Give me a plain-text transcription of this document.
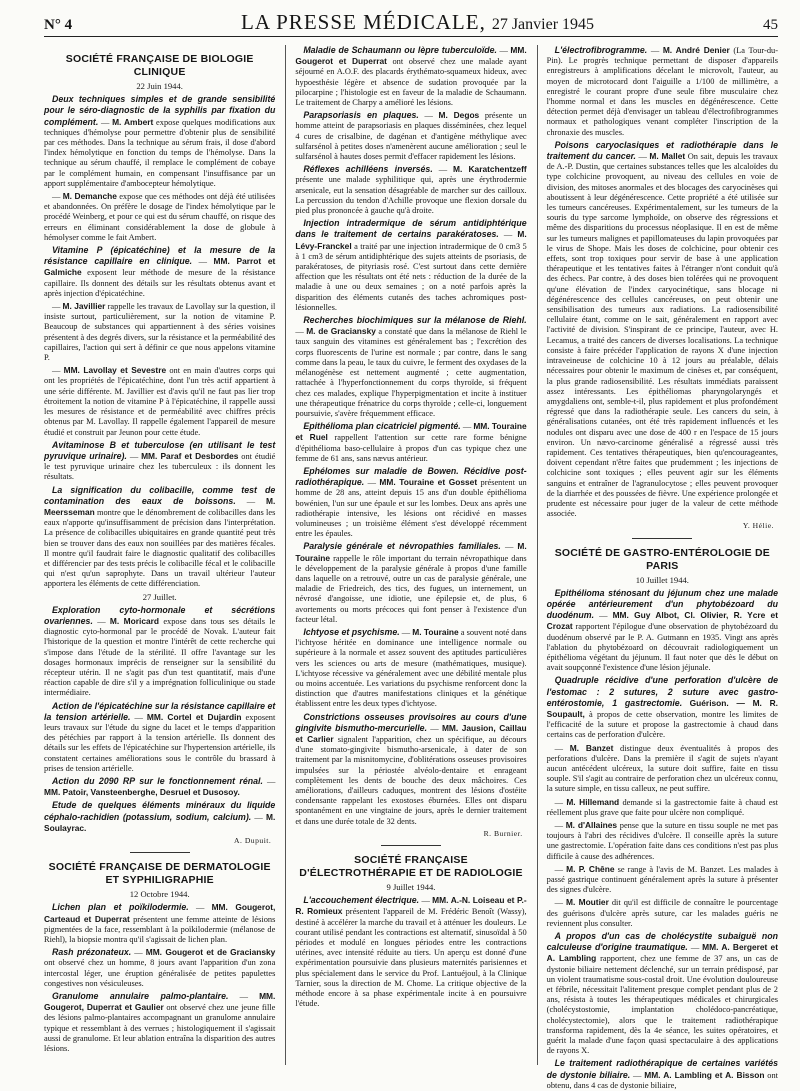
N° 4	LA PRESSE MÉDICALE, 27 Janvier 1945	45
SOCIÉTÉ FRANÇAISE DE BIOLOGIE CLINIQUE
22 Juin 1944.

Deux techniques simples et de grande sensibilité pour le séro-diagnostic de la syphilis par fixation du complément. — M. Ambert expose quelques modifications aux techniques d'hémolyse pour permettre d'obtenir plus de sensibilité par ces méthodes. Dans la technique au sérum frais, il dose d'abord l'index hémolytique en fonction du temps de l'hémolyse. Dans la technique au sérum chauffé, il remplace le complément de cobaye par le complément humain, en compensant l'insuffisance par un apport supplémentaire d'ambocepteur hémolytique.

— M. Demanche expose que ces méthodes ont déjà été utilisées et abandonnées. On préfère le dosage de l'index hémolytique par le procédé Weinberg, et pour ce qui est du sérum chauffé, on risque des erreurs en éliminant considérablement la dose de globule à hémolyser comme le fait Ambert.

Vitamine P (épicatéchine) et la mesure de la résistance capillaire en clinique. —	MM. Parrot et Galmiche exposent leur méthode de mesure de la résistance capillaire. Ils donnent des détails sur les résultats obtenus avant et après injection d'épicatéchine.

— M. Javillier rappelle les travaux de Lavollay sur la question, il insiste surtout, particulièrement, sur la notion de vitamine P. Beaucoup de substances qui appartiennent à des séries voisines présentent à des degrés divers, sur la résistance et la perméabilité des capillaires, l'action qui sert à définir ce que nous appelons vitamine P.

— MM. Lavollay et Sevestre ont en main d'autres corps qui ont les propriétés de l'épicatéchine, dont l'un très actif appartient à une série différente. M. Javillier est d'avis qu'il ne faut pas lier trop étroitement la notion de vitamine P à l'épicatéchine, il rappelle aussi les mesures de résistance et de perméabilité avec chiffres précis obtenus par M. Lavollay. Il rappelle également l'appareil de mesure étudié et construit par Jeunon pour cette étude.

Avitaminose B et tuberculose (en utilisant le test pyruvique urinaire). — MM. Paraf et Desbordes ont étudié le test pyruvique urinaire chez les tuberculeux : ils donnent les résultats.

La signification du colibacille, comme test de contamination des eaux de boissons. —	M. Meersseman montre que le dénombrement de colibacilles dans les eaux n'apporte qu'insuffisamment de précision dans l'interprétation. La présence de colibacilles ubiquitaires en grande quantité peut très bien se trouver dans des eaux non souillées par des matières fécales. Il montre qu'il faudrait faire le diagnostic qualitatif des colibacilles et différencier par des tests précis le colibacille fécal et le colibacille qui n'est qu'un saprophyte. Dans un travail ultérieur l'auteur apportera les éléments de cette différenciation.

27 Juillet.

Exploration cyto-hormonale et sécrétions ovariennes. — M. Moricard expose dans tous ses détails le diagnostic cyto-hormonal par le procédé de Novak. L'auteur fait l'historique de la question et montre l'intérêt de cette recherche qui s'impose dans l'étude de la stérilité. Il offre l'avantage sur les dosages hormonaux imprécis de renseigner sur la sensibilité du récepteur utérin. Il ne s'agit pas d'un test quantitatif, mais d'une réaction capable de dire s'il y a imprégnation folliculinique ou stade intermédiaire.

Action de l'épicatéchine sur la résistance capillaire et la tension artérielle. — MM. Cortel et Dujardin exposent leurs travaux sur l'étude du signe du lacet et le temps d'apparition des pétéchies par rapport à la tension artérielle. Ils donnent des détails sur les effets de l'épicatéchine sur l'hypertension artérielle, ils constatent certaines améliorations sous le contrôle du brassard à prises de tension artérielle.

Action du 2090 RP sur le fonctionnement rénal. — MM. Patoir, Vansteenberghe, Desruel et Dusosoy.

Etude de quelques éléments minéraux du liquide céphalo-rachidien (potassium, sodium, calcium). — M. Soulayrac.

A. Dupuit.
SOCIÉTÉ FRANÇAISE DE DERMATOLOGIE ET SYPHILIGRAPHIE
12 Octobre 1944.

Lichen plan et poïkilodermie. —	MM. Gougerot, Carteaud et Duperrat présentent une femme atteinte de lésions pigmentées de la face, ressemblant à la poïkilodermie (mélanose de Riehl), la biopsie montra qu'il s'agissait de lichen plan.

Rash prézonateux. — MM. Gougerot et de Graciansky ont observé chez un homme, 8 jours avant l'apparition d'un zona intercostal léger, une éruption généralisée de petites papulettes congestives non vésiculeuses.

Granulome annulaire palmo-plantaire. —	MM. Gougerot, Duperrat et Gaulier ont observé chez une jeune fille des lésions palmo-plantaires accompagnant un granulome annulaire typique et ressemblant à des verrues ; histologiquement il s'agissait aussi de granulome. Et leur ablation entraîna la disparition des autres lésions.

Maladie de Schaumann ou lèpre tuberculoïde. — MM. Gougerot et Duperrat ont observé chez une malade ayant séjourné en A.O.F. des placards érythémato-squameux hideux, avec hypoesthésie légère et absence de sudation provoquée par la pilocarpine ; l'histologie est en faveur de la maladie de Schaumann. Le traitement de Charpy a amélioré les lésions.

Parapsoriasis en plaques. — M. Degos présente un homme atteint de parapsoriasis en plaques disséminées, chez lequel 4 cures de crisalbine, de dagénan et d'antigène méthylique avec sulfarsénol à petites doses n'amenèrent aucune amélioration ; seul le sulfarsénol à hautes doses permit d'effacer rapidement les lésions.

Réflexes achilléens inversés. — M. Karatchentzeff présente une malade syphilitique qui, après une érythrodermie arsenicale, eut la sensation désagréable de marcher sur des cailloux. La percussion du tendon d'Achille provoque une flexion dorsale du pied plus prononcée à gauche qu'à droite.

Injection intradermique de sérum antidiphtérique dans le traitement de certains parakératoses. — M. Lévy-Franckel a traité par une injection intradermique de 0 cm3 5 à 1 cm3 de sérum antidiphtérique des sujets atteints de psoriasis, de parakératoses, de pityriasis rosé. C'est surtout dans cette dernière affection que les résultats ont été nets : réduction de la durée de la maladie à une ou deux semaines ; on a noté parfois après la disparition des éléments cutanés des taches achromiques post-lésionnelles.

Recherches biochimiques sur la mélanose de Riehl. — M. de Graciansky a constaté que dans la mélanose de Riehl le taux sanguin des vitamines est généralement bas ; l'excrétion des corps fluorescents de l'urine est normale ; par contre, dans le sang comme dans la peau, le taux du cuivre, le ferment des oxydases de la mélanogénèse est nettement augmenté ; cette augmentation, rattachée à l'hyperfonctionnement du corps thyroïde, si fréquent chez ces malades, explique l'hyperpigmentation et incite à instituer une thérapeutique frénatrice du corps thyroïde ; celle-ci, longuement poursuivie, s'avère fréquemment efficace.

Epithélioma plan cicatriciel pigmenté. — MM. Touraine et Ruel rappellent l'attention sur cette rare forme bénigne d'épithélioma baso-cellulaire à propos d'un cas typique chez une femme de 61 ans, sans nævus antérieur.

Ephélomes sur maladie de Bowen. Récidive post-radiothérapique. — MM. Touraine et Gosset présentent un homme de 28 ans, atteint depuis 15 ans d'un double épithélioma bowénien, l'un sur une épaule et sur les lombes. Deux ans après une radiothérapie intensive, les lésions ont récidivé en masses volumineuses ; un troisième élément s'est développé récemment entre les épaules.

Paralysie générale et névropathies familiales. — M. Touraine rappelle le rôle important du terrain névropathique dans le développement de la paralysie générale à propos d'une famille dans laquelle on a retrouvé, outre un cas de paralysie générale, une maladie de Friedreich, des tics, des fugues, un internement, un névrosé d'angoisse, une idiotie, une épilepsie et, de plus, 6 avortements ou morts précoces qui font penser à l'existence d'un facteur létal.

Ichtyose et psychisme. — M. Touraine a souvent noté dans l'ichtyose héritée en dominance une intelligence normale ou supérieure à la normale et assez souvent des aptitudes particulières vers les sciences ou arts de mesure (mathématiques, musique). L'ichtyose récessive va généralement avec une débilité mentale plus ou moins accentuée. Les variations du psychisme renforcent donc la distinction que d'autres manifestations cliniques et la génétique établissent entre les deux types d'ichtyose.

Constrictions osseuses provisoires au cours d'une gingivite bismutho-mercurielle. — MM. Jausion, Caillau et Carlier signalent l'apparition, chez un spécifique, au décours d'une stomato-gingivite bismutho-arsenicale, à dater de son traitement par la misnitomycine, d'oblitérations osseuses provisoires impulsées sur la périostée alvéolo-dentaire et enrageant complètement les dents de bouche des deux mâchoires. Ces améliorations, d'ailleurs caduques, montrent des lésions d'ostéite condensante rappelant les exostoses éburnées. Elles ont disparu spontanément en une vingtaine de jours, après le dernier traitement et dans une durée totale de 32 dents.

R. Burnier.
SOCIÉTÉ FRANÇAISE D'ÉLECTROTHÉRAPIE ET DE RADIOLOGIE
9 Juillet 1944.

L'accouchement électrique. — MM. A.-N. Loiseau et P.-R. Romieux présentent l'appareil de M. Frédéric Benoît (Wassy), destiné à accélérer la marche du travail et à atténuer les douleurs. Le courant utilisé pendant les contractions est alternatif, sinusoïdal à 50 périodes et modulé en longues périodes entre les contractions utérines, avec intensité réduite au tiers. Un aperçu est donné d'une expérimentation poursuivie dans plusieurs maternités parisiennes et plus spécialement dans le service du Prof. Lantuéjoul, à la Clinique Tarnier, sous la direction de M. Chome. La critique objective de la méthode encore à sa phase expérimentale incite à en poursuivre l'étude.

L'électrofibrogramme. — M. André Denier (La Tour-du-Pin). Le progrès technique permettant de disposer d'appareils enregistreurs à amplifications décelant le microvolt, l'auteur, au moyen de microtocard dont l'aiguille a 1/100 de millimètre, a enregistré le courant propre d'une seule fibre musculaire chez l'homme normal et dans les muscles en dégénérescence. Cette détection permet déjà d'envisager un tableau d'électrofibrogrammes normaux et pathologiques venant compléter l'inscription de la chronaxie des muscles.

Poisons caryoclasiques et radiothérapie dans le traitement du cancer. — M. Mallet On sait, depuis les travaux de A.-P. Dustin, que certaines substances telles que les alcaloïdes du type colchicine provoquent, au niveau des cellules en voie de division, des mitoses anormales et des blocages des caryocinèses qui aboutissent à leur dégénérescence. Cette propriété a été utilisée sur les tumeurs cancéreuses. Expérimentalement, sur les tumeurs de la souris du type sarcome lymphoïde, on observe des régressions et même des disparitions du processus néoplasique. Il en est de même sur les tumeurs malignes et papillomateuses du lapin provoquées par le virus de Shope. Mais les doses de colchicine, pour obtenir ces effets, sont trop toxiques pour servir de base à une application thérapeutique et les tentatives faites à l'étranger n'ont conduit qu'à des échecs. Par contre, à des doses bien tolérées qui ne provoquent qu'une élévation de l'index caryocinétique, sans blocage ni dégénérescence des cellules cancéreuses, on peut obtenir une sensibilisation des tumeurs aux radiations. La radiosensibilité cellulaire étant, comme on le sait, généralement en rapport avec l'activité de division. S'inspirant de ce principe, l'auteur, avec H. Lecamus, a traité des cancers de diverses localisations. La technique consiste à faire précéder l'application de rayons X d'une injection intraveineuse de colchicine 10 à 12 jours au préalable, délais nécessaires pour obtenir le maximum de cinèses et, par conséquent, la plus grande radiosensibilité. Les résultats immédiats paraissent assez intéressants. Les épithéliomas pharyngolaryngés et amygdaliens ont, semble-t-il, plus rapidement et plus profondément régressé que dans la radiothérapie seule. Les cancers du sein, à généralisations cutanées, ont été très rapidement influencés et les nodules ont disparu avec une dose de 400 r en l'espace de 15 jours environ. Un nævo-carcinome généralisé a régressé aussi très rapidement. Ces tentatives thérapeutiques, bien qu'encourageantes, doivent cependant n'être faites que prudemment ; les injections de colchicine sont toxiques ; elles peuvent agir sur les éléments sanguins et entraîner de l'agranulocytose ; elles peuvent provoquer de la diarrhée et des poussées de fièvre. Une expérience prolongée et prudente est nécessaire pour juger de la valeur de cette méthode associée.

Y. Hélie.
SOCIÉTÉ DE GASTRO-ENTÉROLOGIE DE PARIS
10 Juillet 1944.

Epithélioma sténosant du jéjunum chez une malade opérée antérieurement d'un phytobézoard du duodénum. — MM. Guy Albot, Cl. Olivier, R. Ycre et Crozat rapportent l'épilogue d'une observation de phytobézoard du duodénum observé par le P. A. Gutmann en 1935. Vingt ans après l'ablation du phytobézoard on découvrait radiologiquement un épithélioma végétant du jéjunum. Il faut noter que dès le début on avait soupçonné l'existence d'une lésion jéjunale.

Quadruple récidive d'une perforation d'ulcère de l'estomac : 2 sutures, 2 suture avec gastro-entérostomie, 1 gastrectomie. Guérison. — M. R. Soupault, à propos de cette observation, montre les limites de l'efficacité de la suture et propose la gastrectomie à chaud dans certains cas de perforation d'ulcère.

— M. Banzet distingue deux éventualités à propos des perforations d'ulcère. Dans la première il s'agit de sujets n'ayant aucun antécédent ulcéreux, la suture doit suffire, faite en tissu souple. S'il s'agit au contraire de perforation chez un ulcéreux connu, la suture simple, en tissu calleux, ne peut suffire.

— M. Hillemand demande si la gastrectomie faite à chaud est réellement plus grave que faite pour ulcère non compliqué.

— M. d'Allaines pense que la suture en tissu souple ne met pas toujours à l'abri des récidives d'ulcère. Il conseille après la suture une gastrectomie. L'opération faite dans ces conditions n'est pas plus difficile à cause des adhérences.

— M. P. Chêne se range à l'avis de M. Banzet. Les malades à passé gastrique continuent généralement après la suture à présenter des signes d'ulcère.

— M. Moutier dit qu'il est difficile de connaître le pourcentage des guérisons d'ulcère après suture, car les malades guéris ne reviennent plus consulter.

A propos d'un cas de cholécystite subaiguë non calculeuse d'origine traumatique. — MM. A. Bergeret et A. Lambling rapportent, chez une femme de 37 ans, un cas de dystonie biliaire nettement déclenché, sur un terrain prédisposé, par un violent traumatisme sous-costal droit. Une évolution douloureuse et fébrile, nécessitait l'alitement presque complet pendant plus de 2 ans, résista à toutes les thérapeutiques médicales et chirurgicales (cholécystostomie, implantation cholédoco-pancréatique, cholécystectomie), alors que le traitement radiothérapique transforma rapidement, dès la 4e séance, les suites opératoires, et guérit la malade d'une façon quasi spectaculaire à des applications de rayons X.

Le traitement radiothérapique de certaines variétés de dystonie biliaire. — MM. A. Lambling et A. Bisson ont obtenu, dans 4 cas de dystonie biliaire,
